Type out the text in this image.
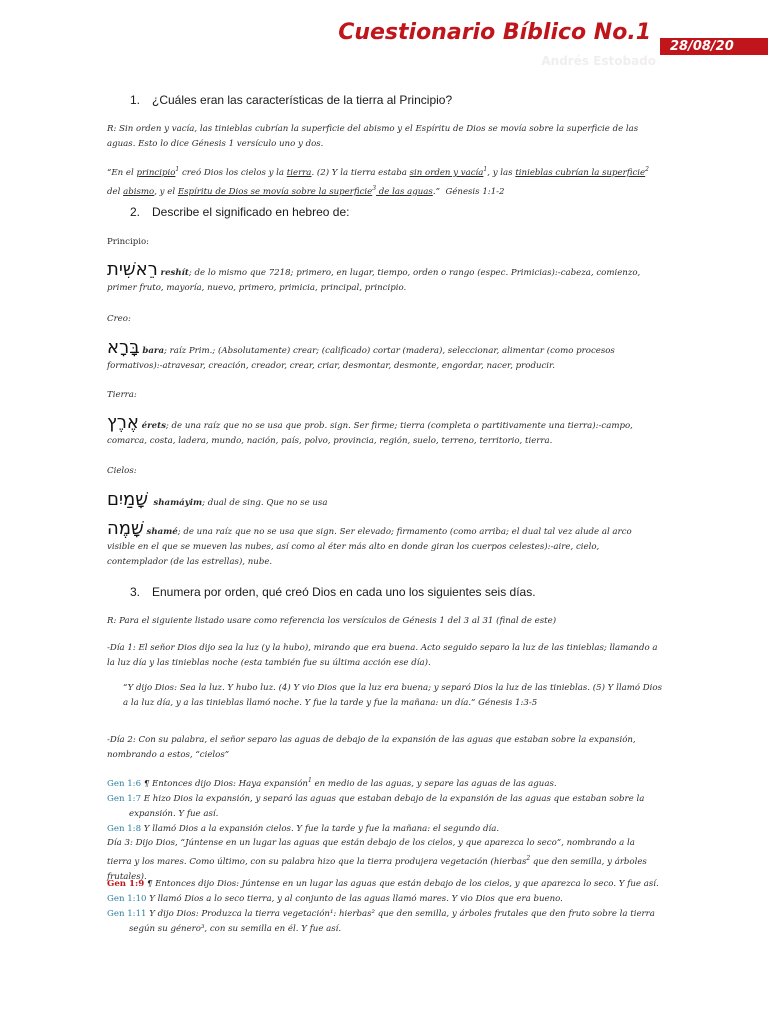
Cuestionario Bíblico No.1
28/08/20
Andrés Estobado
1. ¿Cuáles eran las características de la tierra al Principio?
R: Sin orden y vacía, las tinieblas cubrían la superficie del abismo y el Espíritu de Dios se movía sobre la superficie de las aguas. Esto lo dice Génesis 1 versículo uno y dos.
“En el principio$^1$ creó Dios los cielos y la tierra. (2) Y la tierra estaba sin orden y vacía$^1$, y las tinieblas cubrían la superficie$^2$ del abismo, y el Espíritu de Dios se movía sobre la superficie$^3$ de las aguas.” Génesis 1:1-2
2. Describe el significado en hebreo de:
Principio:
רֵאשִׁית reshít; de lo mismo que 7218; primero, en lugar, tiempo, orden o rango (espec. Primicias):-cabeza, comienzo, primer fruto, mayoría, nuevo, primero, primicia, principal, principio.
Creo:
בָּרָא bara; raíz Prim.; (Absolutamente) crear; (calificado) cortar (madera), seleccionar, alimentar (como procesos formativos):-atravesar, creación, creador, crear, criar, desmontar, desmonte, engordar, nacer, producir.
Tierra:
אֶרֶץ érets; de una raíz que no se usa que prob. sign. Ser firme; tierra (completa o partitivamente una tierra):-campo, comarca, costa, ladera, mundo, nación, país, polvo, provincia, región, suelo, terreno, territorio, tierra.
Cielos:
שָׁמַיִם shamáyim; dual de sing. Que no se usa
שָׁמֶה shamé; de una raíz que no se usa que sign. Ser elevado; firmamento (como arriba; el dual tal vez alude al arco visible en el que se mueven las nubes, así como al éter más alto en donde giran los cuerpos celestes):-aire, cielo, contemplador (de las estrellas), nube.
3. Enumera por orden, qué creó Dios en cada uno los siguientes seis días.
R: Para el siguiente listado usare como referencia los versículos de Génesis 1 del 3 al 31 (final de este)
-Día 1: El señor Dios dijo sea la luz (y la hubo), mirando que era buena. Acto seguido separo la luz de las tinieblas; llamando a la luz día y las tinieblas noche (esta también fue su última acción ese día).
“Y dijo Dios: Sea la luz. Y hubo luz. (4) Y vio Dios que la luz era buena; y separó Dios la luz de las tinieblas. (5) Y llamó Dios a la luz día, y a las tinieblas llamó noche. Y fue la tarde y fue la mañana: un día.” Génesis 1:3-5
-Día 2: Con su palabra, el señor separo las aguas de debajo de la expansión de las aguas que estaban sobre la expansión, nombrando a estos, “cielos”
Gen 1:6 ¶ Entonces dijo Dios: Haya expansión$^1$ en medio de las aguas, y separe las aguas de las aguas.
Gen 1:7 E hizo Dios la expansión, y separó las aguas que estaban debajo de la expansión de las aguas que estaban sobre la expansión. Y fue así.
Gen 1:8 Y llamó Dios a la expansión cielos. Y fue la tarde y fue la mañana: el segundo día.
Día 3: Dijo Dios, “Júntense en un lugar las aguas que están debajo de los cielos, y que aparezca lo seco”, nombrando a la tierra y los mares. Como último, con su palabra hizo que la tierra produjera vegetación (hierbas$^2$ que den semilla, y árboles frutales).
Gen 1:9 ¶ Entonces dijo Dios: Júntense en un lugar las aguas que están debajo de los cielos, y que aparezca lo seco. Y fue así.
Gen 1:10 Y llamó Dios a lo seco tierra, y al conjunto de las aguas llamó mares. Y vio Dios que era bueno.
Gen 1:11 Y dijo Dios: Produzca la tierra vegetación¹: hierbas² que den semilla, y árboles frutales que den fruto sobre la tierra según su género³, con su semilla en él. Y fue así.
